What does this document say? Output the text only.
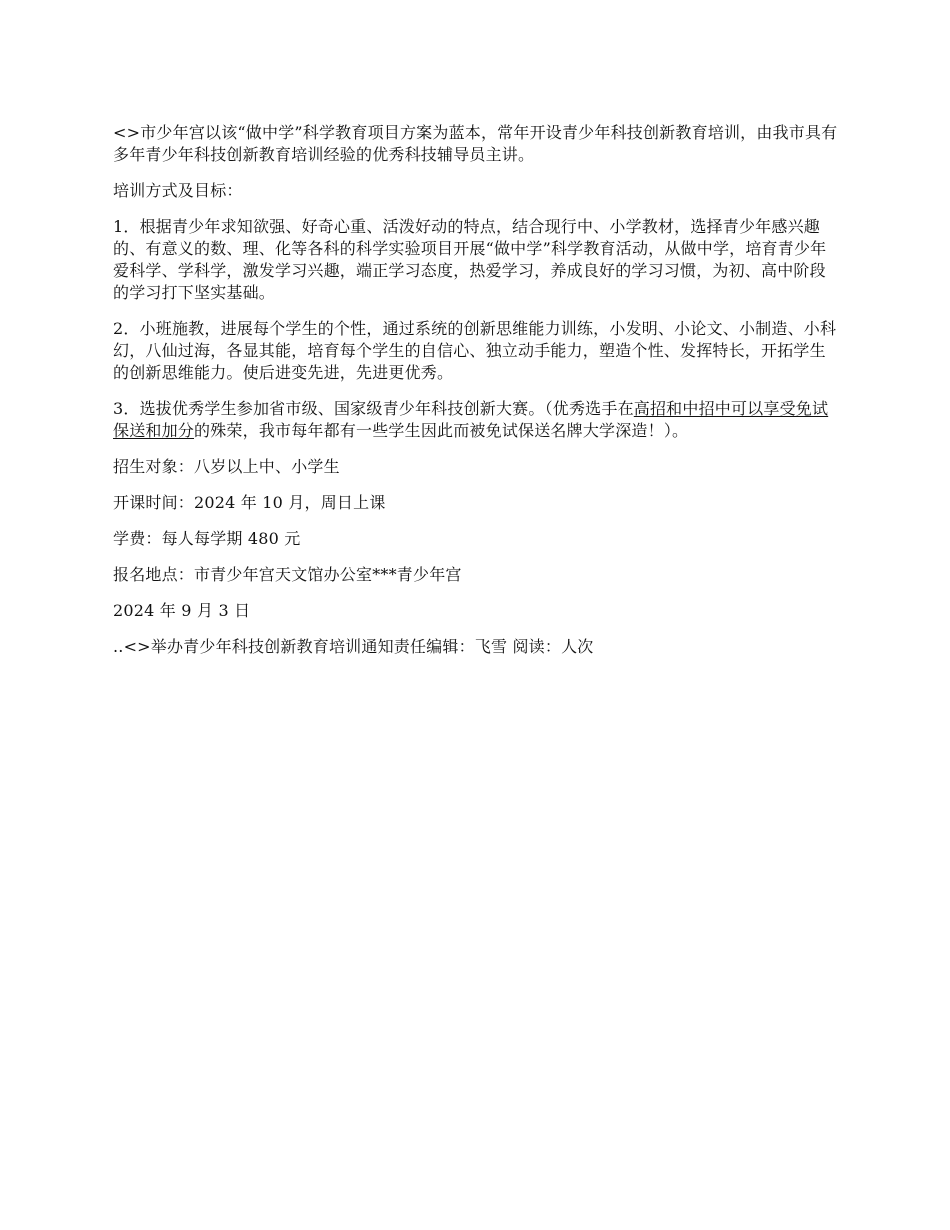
<>市少年宫以该“做中学”科学教育项目方案为蓝本，常年开设青少年科技创新教育培训，由我市具有多年青少年科技创新教育培训经验的优秀科技辅导员主讲。

培训方式及目标：

1．根据青少年求知欲强、好奇心重、活泼好动的特点，结合现行中、小学教材，选择青少年感兴趣的、有意义的数、理、化等各科的科学实验项目开展“做中学”科学教育活动，从做中学，培育青少年爱科学、学科学，激发学习兴趣，端正学习态度，热爱学习，养成良好的学习习惯，为初、高中阶段的学习打下坚实基础。

2．小班施教，进展每个学生的个性，通过系统的创新思维能力训练，小发明、小论文、小制造、小科幻，八仙过海，各显其能，培育每个学生的自信心、独立动手能力，塑造个性、发挥特长，开拓学生的创新思维能力。使后进变先进，先进更优秀。

3．选拔优秀学生参加省市级、国家级青少年科技创新大赛。（优秀选手在高招和中招中可以享受免试保送和加分的殊荣，我市每年都有一些学生因此而被免试保送名牌大学深造！）。

招生对象：八岁以上中、小学生

开课时间：2024 年 10 月，周日上课

学费：每人每学期 480 元

报名地点：市青少年宫天文馆办公室***青少年宫

2024 年 9 月 3 日

..<>举办青少年科技创新教育培训通知责任编辑：飞雪 阅读：人次
